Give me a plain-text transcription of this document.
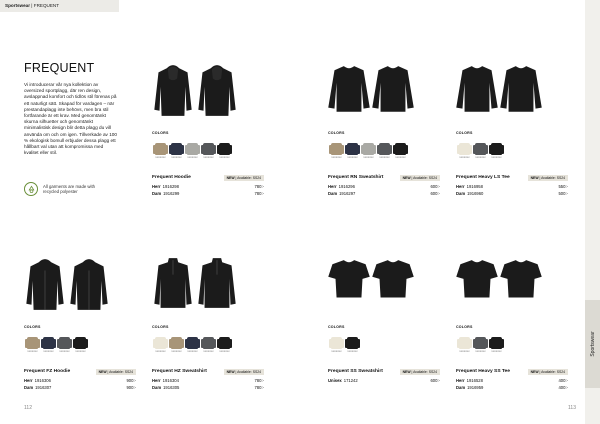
Sportswear | FREQUENT
Sportswear
FREQUENT

Vi introducerar vår nya kollektion av oversized sportplagg, där ren design, avslappnad komfort och tidlös stil förenas på ett naturligt sätt. Skapad för vardagen – när prestandaplagg inte behövs, men bra stil fortfarande är ett krav. Med genomtänkt skurna silhuetter och genomtänkt minimalistisk design blir detta plagg du vill använda om och om igen. Tillverkade av 100 % ekologisk bomull erbjuder dessa plagg ett hållbart val utan att kompromissa med kvalitet eller stil.

All garments are made with recycled polyester
COLORS
XXXXXXX	XXXXXXX	XXXXXXX	XXXXXXX	XXXXXXX
Frequent Hoodie	NEW | Available: SS24
Herr 1916298	780:-
Dam 1916299	780:-
COLORS
XXXXXXX	XXXXXXX	XXXXXXX	XXXXXXX	XXXXXXX
Frequent RN Sweatshirt	NEW | Available: SS24
Herr 1916296	600:-
Dam 1916297	600:-
COLORS
XXXXXXX	XXXXXXX	XXXXXXX
Frequent Heavy LS Tee	NEW | Available: SS24
Herr 1916958	550:-
Dam 1916960	500:-
COLORS
XXXXXXX	XXXXXXX	XXXXXXX	XXXXXXX
Frequent FZ Hoodie	NEW | Available: SS24
Herr 1916306	900:-
Dam 1916307	900:-
COLORS
XXXXXXX	XXXXXXX	XXXXXXX	XXXXXXX	XXXXXXX
Frequent HZ Sweatshirt	NEW | Available: SS24
Herr 1916304	780:-
Dam 1916305	780:-
COLORS
XXXXXXX	XXXXXXX
Frequent SS Sweatshirt	NEW | Available: SS24
Unisex 171242	600:-
COLORS
XXXXXXX	XXXXXXX	XXXXXXX
Frequent Heavy SS Tee	NEW | Available: SS24
Herr 1916528	400:-
Dam 1916959	400:-
112	113
